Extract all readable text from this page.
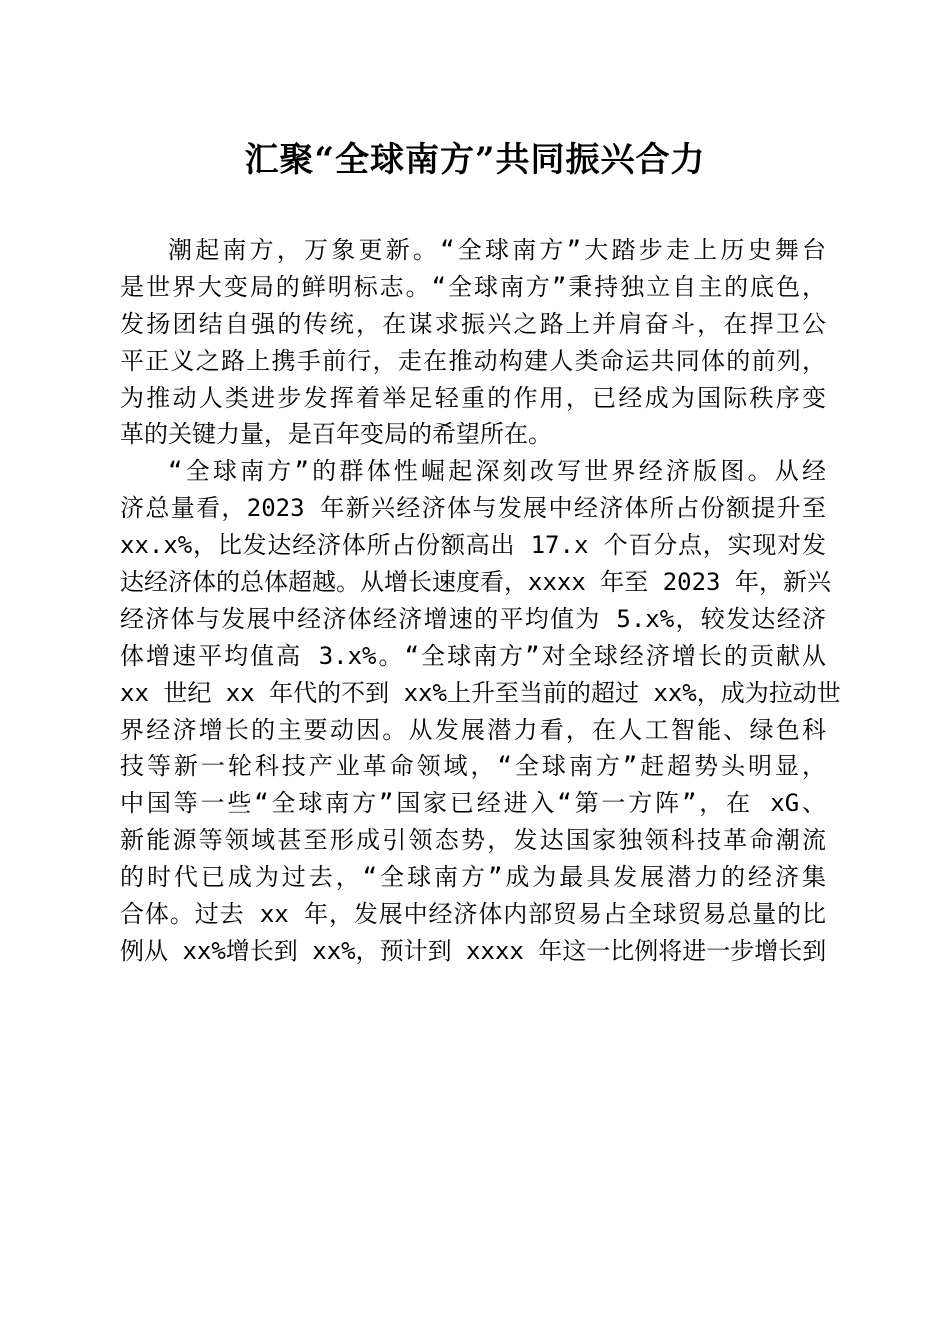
汇聚“全球南方”共同振兴合力
潮起南方，万象更新。“全球南方”大踏步走上历史舞台
是世界大变局的鲜明标志。“全球南方”秉持独立自主的底色，
发扬团结自强的传统，在谋求振兴之路上并肩奋斗，在捍卫公
平正义之路上携手前行，走在推动构建人类命运共同体的前列，
为推动人类进步发挥着举足轻重的作用，已经成为国际秩序变
革的关键力量，是百年变局的希望所在。
“全球南方”的群体性崛起深刻改写世界经济版图。从经
济总量看，2023 年新兴经济体与发展中经济体所占份额提升至
xx.x%，比发达经济体所占份额高出 17.x 个百分点，实现对发
达经济体的总体超越。从增长速度看，xxxx 年至 2023 年，新兴
经济体与发展中经济体经济增速的平均值为 5.x%，较发达经济
体增速平均值高 3.x%。“全球南方”对全球经济增长的贡献从
xx 世纪 xx 年代的不到 xx%上升至当前的超过 xx%，成为拉动世
界经济增长的主要动因。从发展潜力看，在人工智能、绿色科
技等新一轮科技产业革命领域，“全球南方”赶超势头明显，
中国等一些“全球南方”国家已经进入“第一方阵”，在 xG、
新能源等领域甚至形成引领态势，发达国家独领科技革命潮流
的时代已成为过去，“全球南方”成为最具发展潜力的经济集
合体。过去 xx 年，发展中经济体内部贸易占全球贸易总量的比
例从 xx%增长到 xx%，预计到 xxxx 年这一比例将进一步增长到
